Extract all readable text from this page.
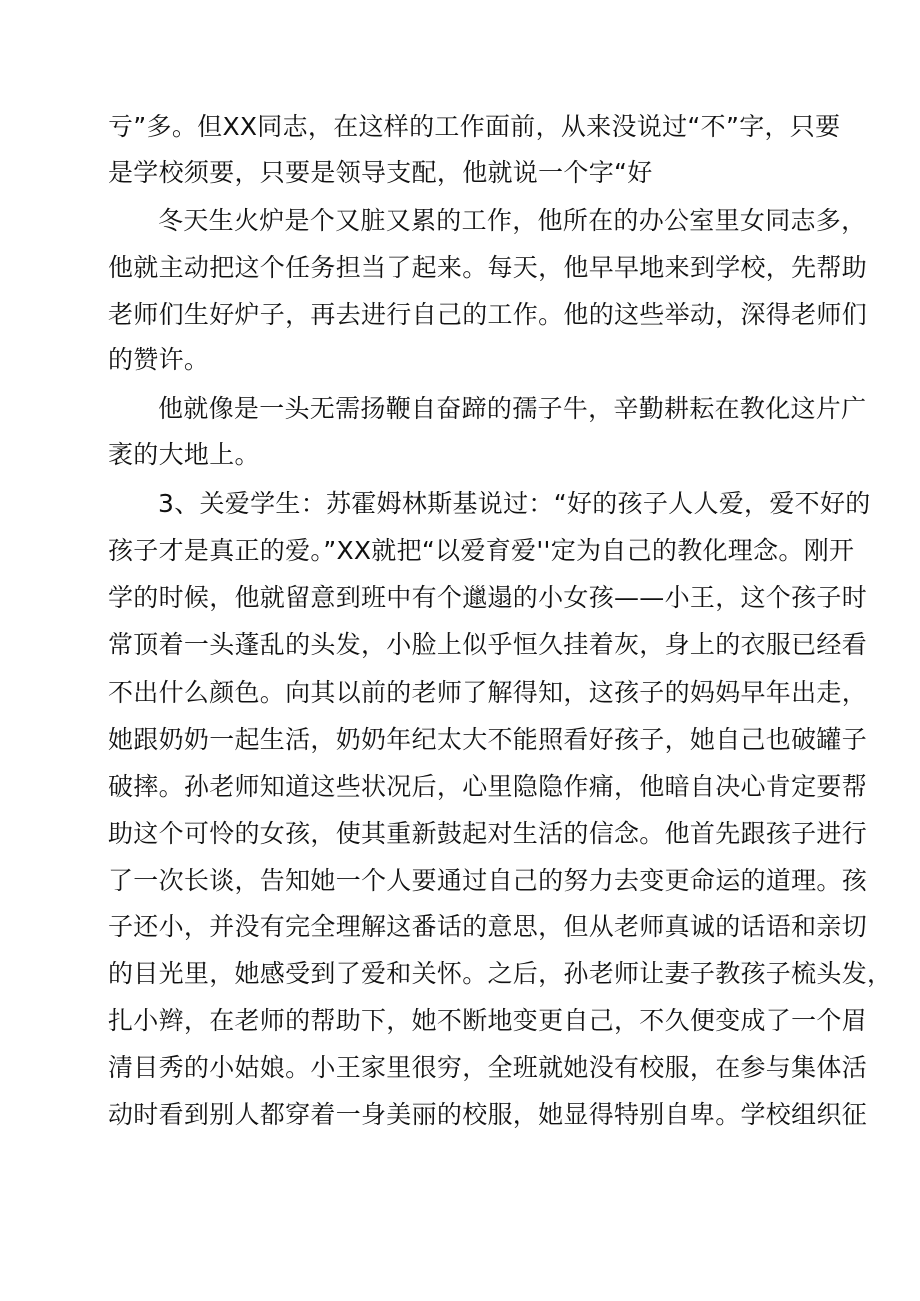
亏”多。但XX同志，在这样的工作面前，从来没说过“不”字，只要
是学校须要，只要是领导支配，他就说一个字“好
冬天生火炉是个又脏又累的工作，他所在的办公室里女同志多，
他就主动把这个任务担当了起来。每天，他早早地来到学校，先帮助
老师们生好炉子，再去进行自己的工作。他的这些举动，深得老师们
的赞许。
他就像是一头无需扬鞭自奋蹄的孺子牛，辛勤耕耘在教化这片广
袤的大地上。
3、关爱学生：苏霍姆林斯基说过：“好的孩子人人爱，爱不好的
孩子才是真正的爱。”XX就把“以爱育爱''定为自己的教化理念。刚开
学的时候，他就留意到班中有个邋遢的小女孩——小王，这个孩子时
常顶着一头蓬乱的头发，小脸上似乎恒久挂着灰，身上的衣服已经看
不出什么颜色。向其以前的老师了解得知，这孩子的妈妈早年出走，
她跟奶奶一起生活，奶奶年纪太大不能照看好孩子，她自己也破罐子
破摔。孙老师知道这些状况后，心里隐隐作痛，他暗自决心肯定要帮
助这个可怜的女孩，使其重新鼓起对生活的信念。他首先跟孩子进行
了一次长谈，告知她一个人要通过自己的努力去变更命运的道理。孩
子还小，并没有完全理解这番话的意思，但从老师真诚的话语和亲切
的目光里，她感受到了爱和关怀。之后，孙老师让妻子教孩子梳头发，
扎小辫，在老师的帮助下，她不断地变更自己，不久便变成了一个眉
清目秀的小姑娘。小王家里很穷，全班就她没有校服，在参与集体活
动时看到别人都穿着一身美丽的校服，她显得特别自卑。学校组织征
